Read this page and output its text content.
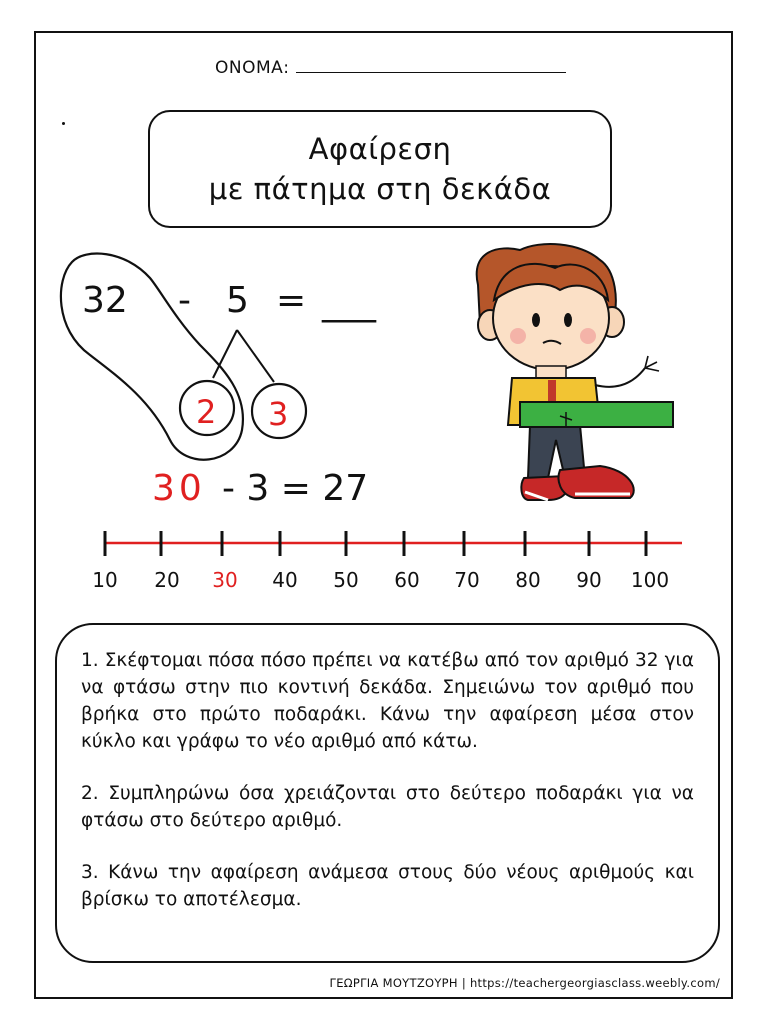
ΟΝΟΜΑ:
Αφαίρεση
με πάτημα στη δεκάδα
32 - 5 = ___
2 3
30 - 3 = 27
10 20 30 40 50 60 70 80 90 100

1. Σκέφτομαι πόσα πόσο πρέπει να κατέβω από τον αριθμό 32 για να φτάσω στην πιο κοντινή δεκάδα. Σημειώνω τον αριθμό που βρήκα στο πρώτο ποδαράκι. Κάνω την αφαίρεση μέσα στον κύκλο και γράφω το νέο αριθμό από κάτω.

2. Συμπληρώνω όσα χρειάζονται στο δεύτερο ποδαράκι για να φτάσω στο δεύτερο αριθμό.

3. Κάνω την αφαίρεση ανάμεσα στους δύο νέους αριθμούς και βρίσκω το αποτέλεσμα.

ΓΕΩΡΓΙΑ ΜΟΥΤΖΟΥΡΗ | https://teachergeorgiasclass.weebly.com/
